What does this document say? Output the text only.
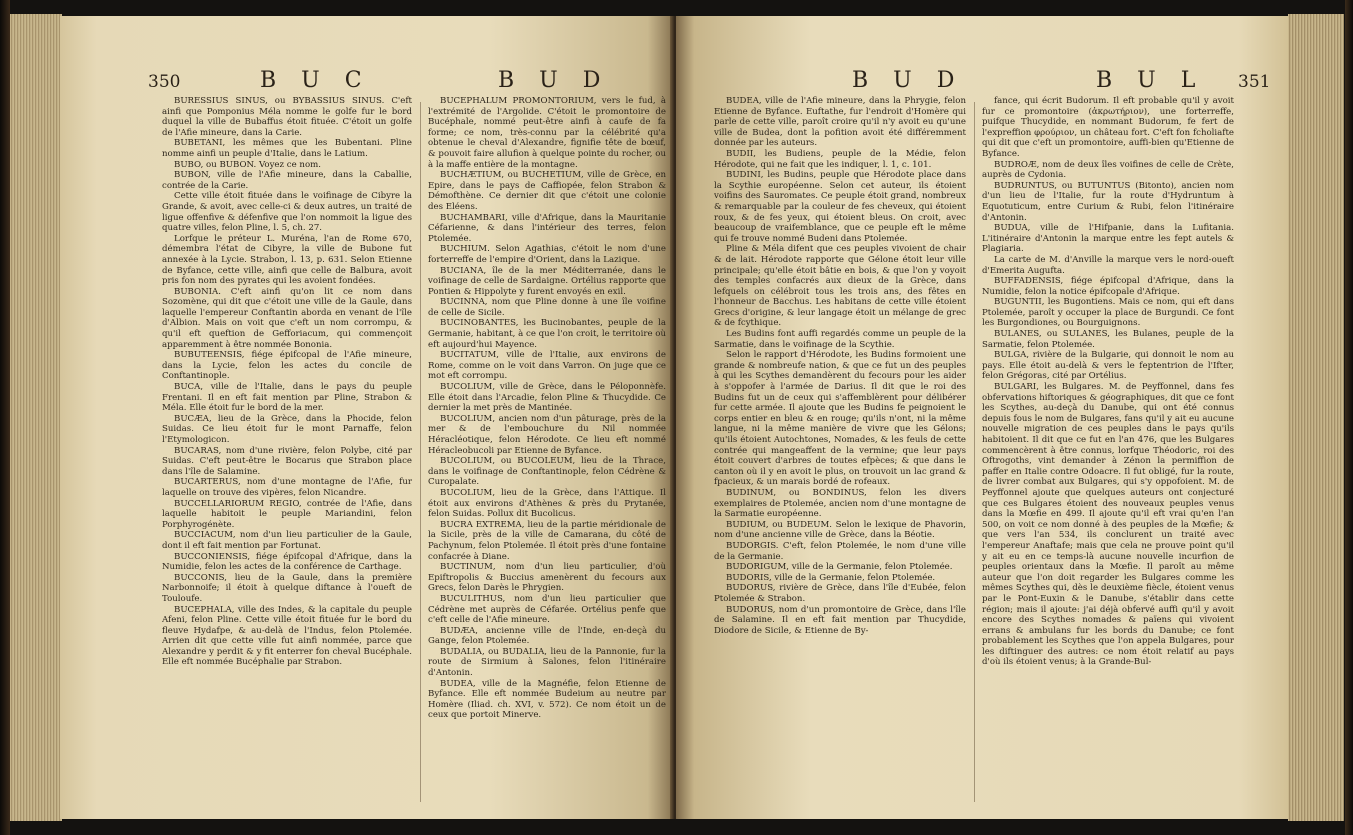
350	B U C	B U D

BURESSIUS SINUS, ou BYBASSIUS SINUS. C'eft ainfi que Pomponius Méla nomme le golfe fur le bord duquel la ville de Bubaffus étoit fituée. C'étoit un golfe de l'Afie mineure, dans la Carie.

BUBETANI, les mêmes que les Bubentani. Pline nomme ainfi un peuple d'Italie, dans le Latium.

BUBO, ou BUBON. Voyez ce nom.

BUBON, ville de l'Afie mineure, dans la Caballie, contrée de la Carie.

Cette ville étoit fituée dans le voifinage de Cibyre la Grande, & avoit, avec celle-ci & deux autres, un traité de ligue offenfive & défenfive que l'on nommoit la ligue des quatre villes, felon Pline, l. 5, ch. 27.

Lorfque le préteur L. Muréna, l'an de Rome 670, démembra l'état de Cibyre, la ville de Bubone fut annexée à la Lycie. Strabon, l. 13, p. 631. Selon Etienne de Byfance, cette ville, ainfi que celle de Balbura, avoit pris fon nom des pyrates qui les avoient fondées.

BUBONIA. C'eft ainfi qu'on lit ce nom dans Sozomène, qui dit que c'étoit une ville de la Gaule, dans laquelle l'empereur Conftantin aborda en venant de l'île d'Albion. Mais on voit que c'eft un nom corrompu, & qu'il eft queftion de Gefforiacum, qui commençoit apparemment à être nommée Bononia.

BUBUTEENSIS, fiége épifcopal de l'Afie mineure, dans la Lycie, felon les actes du concile de Conftantinople.

BUCA, ville de l'Italie, dans le pays du peuple Frentani. Il en eft fait mention par Pline, Strabon & Méla. Elle étoit fur le bord de la mer.

BUCÆA, lieu de la Grèce, dans la Phocide, felon Suidas. Ce lieu étoit fur le mont Parnaffe, felon l'Etymologicon.

BUCARAS, nom d'une rivière, felon Polybe, cité par Suidas. C'eft peut-être le Bocarus que Strabon place dans l'île de Salamine.

BUCARTERUS, nom d'une montagne de l'Afie, fur laquelle on trouve des vipères, felon Nicandre.

BUCCELLARIORUM REGIO, contrée de l'Afie, dans laquelle habitoit le peuple Mariandini, felon Porphyrogénète.

BUCCIACUM, nom d'un lieu particulier de la Gaule, dont il eft fait mention par Fortunat.

BUCCONIENSIS, fiége épifcopal d'Afrique, dans la Numidie, felon les actes de la conférence de Carthage.

BUCCONIS, lieu de la Gaule, dans la première Narbonnoife; il étoit à quelque diftance à l'oueft de Touloufe.

BUCEPHALA, ville des Indes, & la capitale du peuple Afeni, felon Pline. Cette ville étoit fituée fur le bord du fleuve Hydafpe, & au-delà de l'Indus, felon Ptolemée. Arrien dit que cette ville fut ainfi nommée, parce que Alexandre y perdit & y fit enterrer fon cheval Bucéphale. Elle eft nommée Bucéphalie par Strabon.

BUCEPHALUM PROMONTORIUM, vers le fud, à l'extrémité de l'Argolide. C'étoit le promontoire de Bucéphale, nommé peut-être ainfi à caufe de fa forme; ce nom, très-connu par la célébrité qu'a obtenue le cheval d'Alexandre, fignifie tête de bœuf, & pouvoit faire allufion à quelque pointe du rocher, ou à la maffe entière de la montagne.

BUCHÆTIUM, ou BUCHETIUM, ville de Grèce, en Epire, dans le pays de Caffiopée, felon Strabon & Démofthène. Ce dernier dit que c'étoit une colonie des Eléens.

BUCHAMBARI, ville d'Afrique, dans la Mauritanie Céfarienne, & dans l'intérieur des terres, felon Ptolemée.

BUCHIUM. Selon Agathias, c'étoit le nom d'une forterreffe de l'empire d'Orient, dans la Lazique.

BUCIANA, île de la mer Méditerranée, dans le voifinage de celle de Sardaigne. Ortélius rapporte que Pontien & Hippolyte y furent envoyés en exil.

BUCINNA, nom que Pline donne à une île voifine de celle de Sicile.

BUCINOBANTES, les Bucinobantes, peuple de la Germanie, habitant, à ce que l'on croit, le territoire où eft aujourd'hui Mayence.

BUCITATUM, ville de l'Italie, aux environs de Rome, comme on le voit dans Varron. On juge que ce mot eft corrompu.

BUCOLIUM, ville de Grèce, dans le Péloponnèfe. Elle étoit dans l'Arcadie, felon Pline & Thucydide. Ce dernier la met près de Mantinée.

BUCOLIUM, ancien nom d'un pâturage, près de la mer & de l'embouchure du Nil nommée Héracléotique, felon Hérodote. Ce lieu eft nommé Héracleobucoli par Etienne de Byfance.

BUCOLIUM, ou BUCOLEUM, lieu de la Thrace, dans le voifinage de Conftantinople, felon Cédrène & Curopalate.

BUCOLIUM, lieu de la Grèce, dans l'Attique. Il étoit aux environs d'Athènes & près du Prytanée, felon Suidas. Pollux dit Bucolicus.

BUCRA EXTREMA, lieu de la partie méridionale de la Sicile, près de la ville de Camarana, du côté de Pachynum, felon Ptolemée. Il étoit près d'une fontaine confacrée à Diane.

BUCTINUM, nom d'un lieu particulier, d'où Epiftropolis & Buccius amenèrent du fecours aux Grecs, felon Darès le Phrygien.

BUCULITHUS, nom d'un lieu particulier que Cédrène met auprès de Céfarée. Ortélius penfe que c'eft celle de l'Afie mineure.

BUDÆA, ancienne ville de l'Inde, en-deçà du Gange, felon Ptolemée.

BUDALIA, ou BUDALIA, lieu de la Pannonie, fur la route de Sirmium à Salones, felon l'itinéraire d'Antonin.

BUDEA, ville de la Magnéfie, felon Etienne de Byfance. Elle eft nommée Budeium au neutre par Homère (Iliad. ch. XVI, v. 572). Ce nom étoit un de ceux que portoit Minerve.

B U D	B U L 351

BUDEA, ville de l'Afie mineure, dans la Phrygie, felon Etienne de Byfance. Euftathe, fur l'endroit d'Homère qui parle de cette ville, paroît croire qu'il n'y avoit eu qu'une ville de Budea, dont la pofition avoit été différemment donnée par les auteurs.

BUDII, les Budiens, peuple de la Médie, felon Hérodote, qui ne fait que les indiquer, l. 1, c. 101.

BUDINI, les Budins, peuple que Hérodote place dans la Scythie européenne. Selon cet auteur, ils étoient voifins des Sauromates. Ce peuple étoit grand, nombreux & remarquable par la couleur de fes cheveux, qui étoient roux, & de fes yeux, qui étoient bleus. On croit, avec beaucoup de vraifemblance, que ce peuple eft le même qui fe trouve nommé Budeni dans Ptolemée.

Pline & Méla difent que ces peuples vivoient de chair & de lait. Hérodote rapporte que Gélone étoit leur ville principale; qu'elle étoit bâtie en bois, & que l'on y voyoit des temples confacrés aux dieux de la Grèce, dans lefquels on célébroit tous les trois ans, des fêtes en l'honneur de Bacchus. Les habitans de cette ville étoient Grecs d'origine, & leur langage étoit un mélange de grec & de fcythique.

Les Budins font auffi regardés comme un peuple de la Sarmatie, dans le voifinage de la Scythie.

Selon le rapport d'Hérodote, les Budins formoient une grande & nombreufe nation, & que ce fut un des peuples à qui les Scythes demandèrent du fecours pour les aider à s'oppofer à l'armée de Darius. Il dit que le roi des Budins fut un de ceux qui s'affemblèrent pour délibérer fur cette armée. Il ajoute que les Budins fe peignoient le corps entier en bleu & en rouge; qu'ils n'ont, ni la même langue, ni la même manière de vivre que les Gélons; qu'ils étoient Autochtones, Nomades, & les feuls de cette contrée qui mangeaffent de la vermine; que leur pays étoit couvert d'arbres de toutes efpèces; & que dans le canton où il y en avoit le plus, on trouvoit un lac grand & fpacieux, & un marais bordé de rofeaux.

BUDINUM, ou BONDINUS, felon les divers exemplaires de Ptolemée, ancien nom d'une montagne de la Sarmatie européenne.

BUDIUM, ou BUDEUM. Selon le lexique de Phavorin, nom d'une ancienne ville de Grèce, dans la Béotie.

BUDORGIS. C'eft, felon Ptolemée, le nom d'une ville de la Germanie.

BUDORIGUM, ville de la Germanie, felon Ptolemée.

BUDORIS, ville de la Germanie, felon Ptolemée.

BUDORUS, rivière de Grèce, dans l'île d'Eubée, felon Ptolemée & Strabon.

BUDORUS, nom d'un promontoire de Grèce, dans l'île de Salamine. Il en eft fait mention par Thucydide, Diodore de Sicile, & Etienne de By-

fance, qui écrit Budorum. Il eft probable qu'il y avoit fur ce promontoire (ἀκρωτήριον), une forterreffe, puifque Thucydide, en nommant Budorum, fe fert de l'expreffion φρούριον, un château fort. C'eft fon fcholiafte qui dit que c'eft un promontoire, auffi-bien qu'Etienne de Byfance.

BUDROÆ, nom de deux îles voifines de celle de Crète, auprès de Cydonia.

BUDRUNTUS, ou BUTUNTUS (Bitonto), ancien nom d'un lieu de l'Italie, fur la route d'Hydruntum à Equotuticum, entre Curium & Rubi, felon l'itinéraire d'Antonin.

BUDUA, ville de l'Hifpanie, dans la Lufitania. L'itinéraire d'Antonin la marque entre les fept autels & Plagiaria.

La carte de M. d'Anville la marque vers le nord-oueft d'Emerita Augufta.

BUFFADENSIS, fiége épifcopal d'Afrique, dans la Numidie, felon la notice épifcopale d'Afrique.

BUGUNTII, les Bugontiens. Mais ce nom, qui eft dans Ptolemée, paroît y occuper la place de Burgundi. Ce font les Burgondiones, ou Bourguignons.

BULANES, ou SULANES, les Bulanes, peuple de la Sarmatie, felon Ptolemée.

BULGA, rivière de la Bulgarie, qui donnoit le nom au pays. Elle étoit au-delà & vers le feptentrion de l'Ifter, felon Grégoras, cité par Ortélius.

BULGARI, les Bulgares. M. de Peyffonnel, dans fes obfervations hiftoriques & géographiques, dit que ce font les Scythes, au-deçà du Danube, qui ont été connus depuis fous le nom de Bulgares, fans qu'il y ait eu aucune nouvelle migration de ces peuples dans le pays qu'ils habitoient. Il dit que ce fut en l'an 476, que les Bulgares commencèrent à être connus, lorfque Théodoric, roi des Oftrogoths, vint demander à Zénon la permiffion de paffer en Italie contre Odoacre. Il fut obligé, fur la route, de livrer combat aux Bulgares, qui s'y oppofoient. M. de Peyffonnel ajoute que quelques auteurs ont conjecturé que ces Bulgares étoient des nouveaux peuples venus dans la Mœfie en 499. Il ajoute qu'il eft vrai qu'en l'an 500, on voit ce nom donné à des peuples de la Mœfie; & que vers l'an 534, ils conclurent un traité avec l'empereur Anaftafe; mais que cela ne prouve point qu'il y ait eu en ce temps-là aucune nouvelle incurfion de peuples orientaux dans la Mœfie. Il paroît au même auteur que l'on doit regarder les Bulgares comme les mêmes Scythes qui, dès le deuxième fiècle, étoient venus par le Pont-Euxin & le Danube, s'établir dans cette région; mais il ajoute: j'ai déjà obfervé auffi qu'il y avoit encore des Scythes nomades & païens qui vivoient errans & ambulans fur les bords du Danube; ce font probablement les Scythes que l'on appela Bulgares, pour les diftinguer des autres: ce nom étoit relatif au pays d'où ils étoient venus; à la Grande-Bul-
